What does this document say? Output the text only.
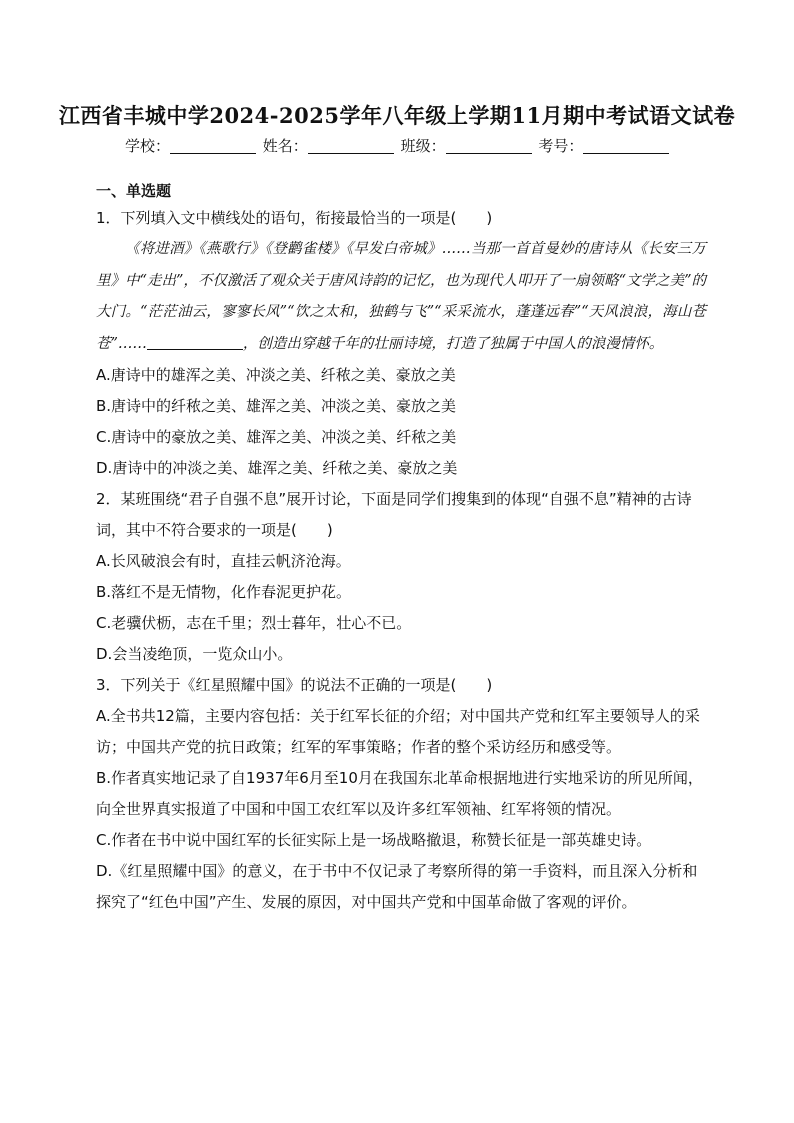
江西省丰城中学2024-2025学年八年级上学期11月期中考试语文试卷
学校：	姓名：	班级：	考号：
一、单选题

1．下列填入文中横线处的语句，衔接最恰当的一项是(　　)

《将进酒》《燕歌行》《登鹳雀楼》《早发白帝城》……当那一首首曼妙的唐诗从《长安三万里》中“走出”，不仅激活了观众关于唐风诗韵的记忆，也为现代人叩开了一扇领略“文学之美”的大门。“茫茫油云，寥寥长风”“饮之太和，独鹤与飞”“采采流水，蓬蓬远春”“天风浪浪，海山苍苍”……	，创造出穿越千年的壮丽诗境，打造了独属于中国人的浪漫情怀。

A.唐诗中的雄浑之美、冲淡之美、纤秾之美、豪放之美

B.唐诗中的纤秾之美、雄浑之美、冲淡之美、豪放之美

C.唐诗中的豪放之美、雄浑之美、冲淡之美、纤秾之美

D.唐诗中的冲淡之美、雄浑之美、纤秾之美、豪放之美

2．某班围绕“君子自强不息”展开讨论，下面是同学们搜集到的体现“自强不息”精神的古诗词，其中不符合要求的一项是(　　)

A.长风破浪会有时，直挂云帆济沧海。

B.落红不是无情物，化作春泥更护花。

C.老骥伏枥，志在千里；烈士暮年，壮心不已。

D.会当凌绝顶，一览众山小。

3．下列关于《红星照耀中国》的说法不正确的一项是(　　)

A.全书共12篇，主要内容包括：关于红军长征的介绍；对中国共产党和红军主要领导人的采访；中国共产党的抗日政策；红军的军事策略；作者的整个采访经历和感受等。

B.作者真实地记录了自1937年6月至10月在我国东北革命根据地进行实地采访的所见所闻，向全世界真实报道了中国和中国工农红军以及许多红军领袖、红军将领的情况。

C.作者在书中说中国红军的长征实际上是一场战略撤退，称赞长征是一部英雄史诗。

D.《红星照耀中国》的意义，在于书中不仅记录了考察所得的第一手资料，而且深入分析和探究了“红色中国”产生、发展的原因，对中国共产党和中国革命做了客观的评价。
